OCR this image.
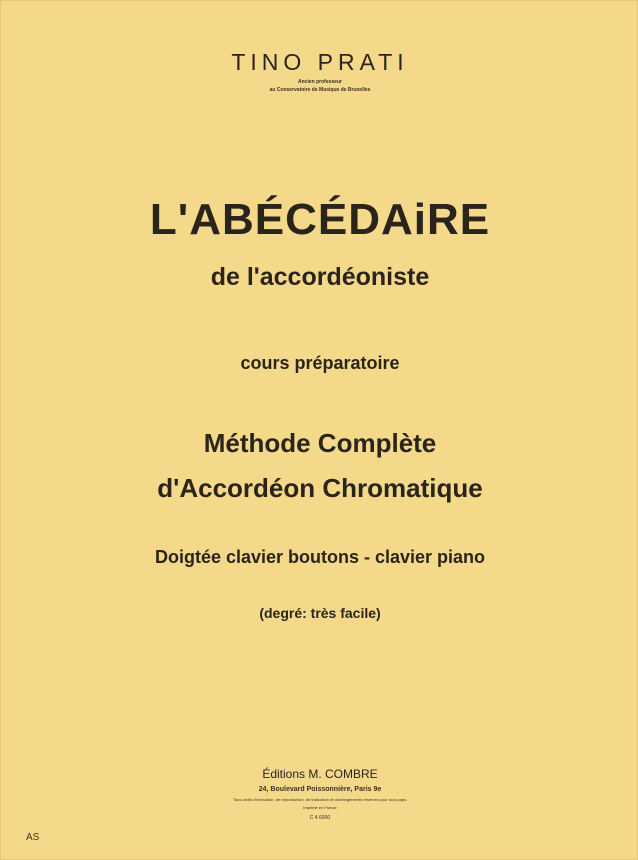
TINO PRATI
Ancien professeur
au Conservatoire de Musique de Bruxelles
L'ABÉCÉDAiRE
de l'accordéoniste
cours préparatoire
Méthode Complète
d'Accordéon Chromatique
Doigtée clavier boutons - clavier piano
(degré: très facile)
Éditions M. COMBRE
24, Boulevard Poissonnière, Paris 9e
Tous droits d'exécution, de reproduction, de traduction et d'arrangements réservés pour tous pays.
Imprimé en France
C 4 6000
AS
